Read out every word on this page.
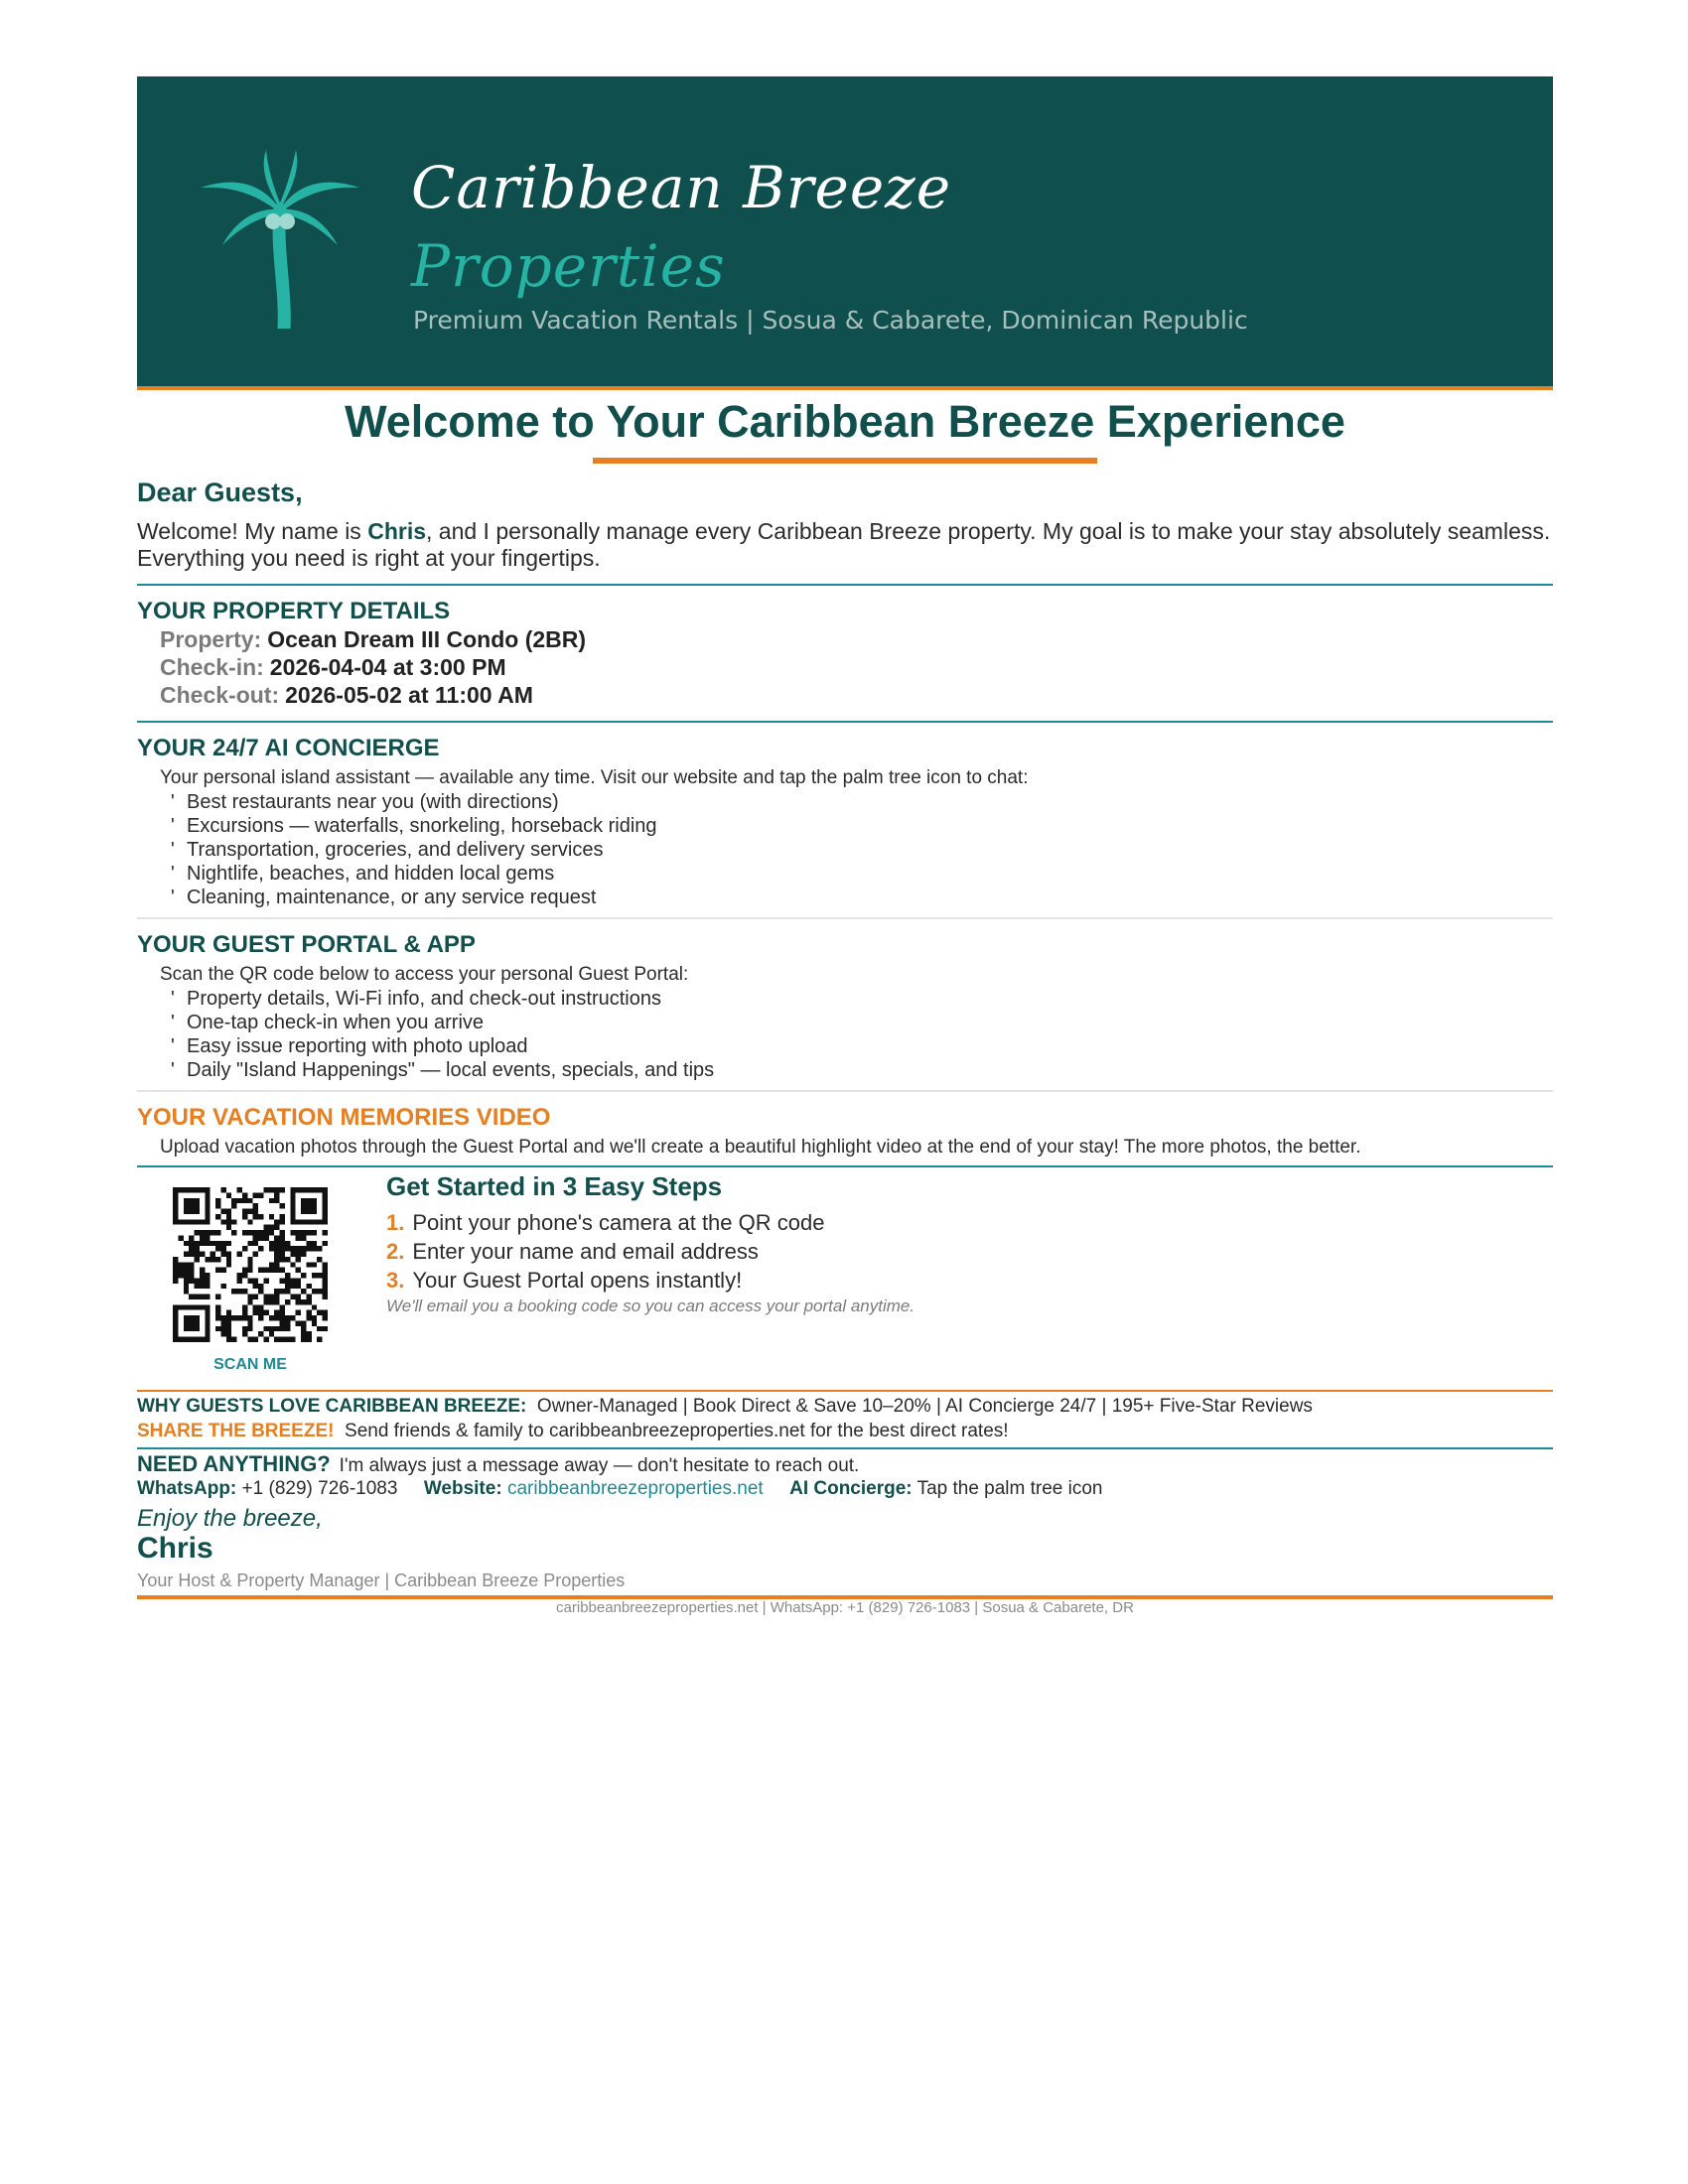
Caribbean Breeze
Properties
Premium Vacation Rentals | Sosua & Cabarete, Dominican Republic
Welcome to Your Caribbean Breeze Experience
Dear Guests,
Welcome! My name is Chris, and I personally manage every Caribbean Breeze property. My goal is to make your stay absolutely seamless. Everything you need is right at your fingertips.
YOUR PROPERTY DETAILS
Property: Ocean Dream III Condo (2BR)
Check-in: 2026-04-04 at 3:00 PM
Check-out: 2026-05-02 at 11:00 AM
YOUR 24/7 AI CONCIERGE
Your personal island assistant — available any time. Visit our website and tap the palm tree icon to chat:
' Best restaurants near you (with directions)
' Excursions — waterfalls, snorkeling, horseback riding
' Transportation, groceries, and delivery services
' Nightlife, beaches, and hidden local gems
' Cleaning, maintenance, or any service request
YOUR GUEST PORTAL & APP
Scan the QR code below to access your personal Guest Portal:
' Property details, Wi-Fi info, and check-out instructions
' One-tap check-in when you arrive
' Easy issue reporting with photo upload
' Daily "Island Happenings" — local events, specials, and tips
YOUR VACATION MEMORIES VIDEO
Upload vacation photos through the Guest Portal and we'll create a beautiful highlight video at the end of your stay! The more photos, the better.
SCAN ME
Get Started in 3 Easy Steps
1. Point your phone's camera at the QR code
2. Enter your name and email address
3. Your Guest Portal opens instantly!
We'll email you a booking code so you can access your portal anytime.
WHY GUESTS LOVE CARIBBEAN BREEZE: Owner-Managed | Book Direct & Save 10–20% | AI Concierge 24/7 | 195+ Five-Star Reviews
SHARE THE BREEZE! Send friends & family to caribbeanbreezeproperties.net for the best direct rates!
NEED ANYTHING? I'm always just a message away — don't hesitate to reach out.
WhatsApp: +1 (829) 726-1083 Website: caribbeanbreezeproperties.net AI Concierge: Tap the palm tree icon
Enjoy the breeze,
Chris
Your Host & Property Manager | Caribbean Breeze Properties
caribbeanbreezeproperties.net | WhatsApp: +1 (829) 726-1083 | Sosua & Cabarete, DR
